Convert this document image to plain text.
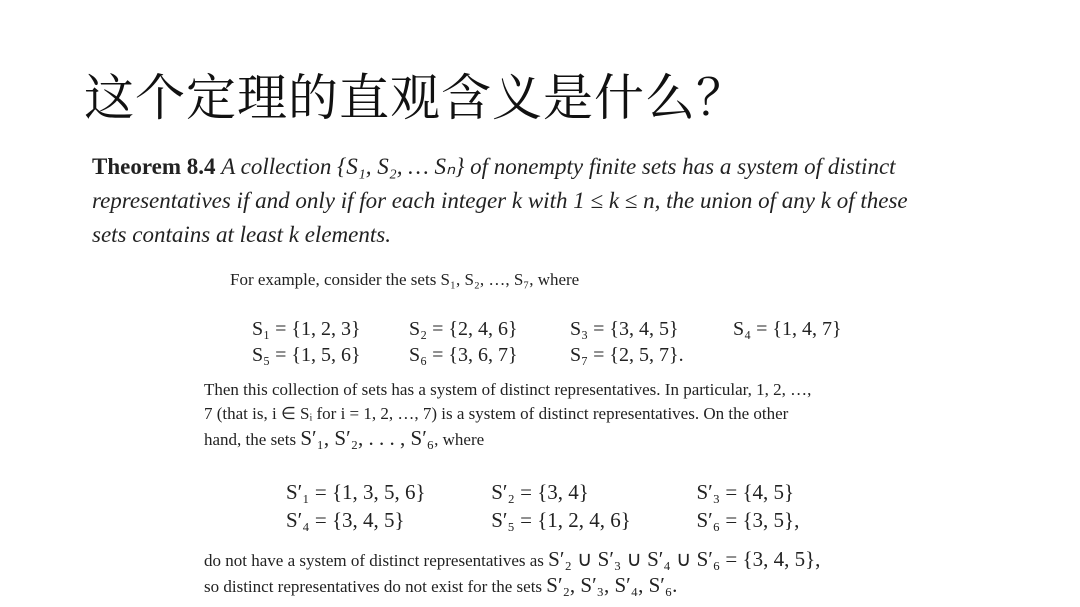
这个定理的直观含义是什么？
Theorem 8.4 A collection {S₁, S₂, … Sₙ} of nonempty finite sets has a system of distinct
representatives if and only if for each integer k with 1 ≤ k ≤ n, the union of any k of these
sets contains at least k elements.
For example, consider the sets S₁, S₂, …, S₇, where
S₁ = {1, 2, 3} S₂ = {2, 4, 6}	S₃ = {3, 4, 5}	S₄ = {1, 4, 7}
S₅ = {1, 5, 6} S₆ = {3, 6, 7}	S₇ = {2, 5, 7}.
Then this collection of sets has a system of distinct representatives. In particular, 1, 2, …,
7 (that is, i ∈ Sᵢ for i = 1, 2, …, 7) is a system of distinct representatives. On the other
hand, the sets S′₁, S′₂, . . . , S′₆, where
S′₁ = {1, 3, 5, 6}	S′₂ = {3, 4}	S′₃ = {4, 5}
S′₄ = {3, 4, 5}	S′₅ = {1, 2, 4, 6}	S′₆ = {3, 5},
do not have a system of distinct representatives as S′₂ ∪ S′₃ ∪ S′₄ ∪ S′₆ = {3, 4, 5},
so distinct representatives do not exist for the sets S′₂, S′₃, S′₄, S′₆.
